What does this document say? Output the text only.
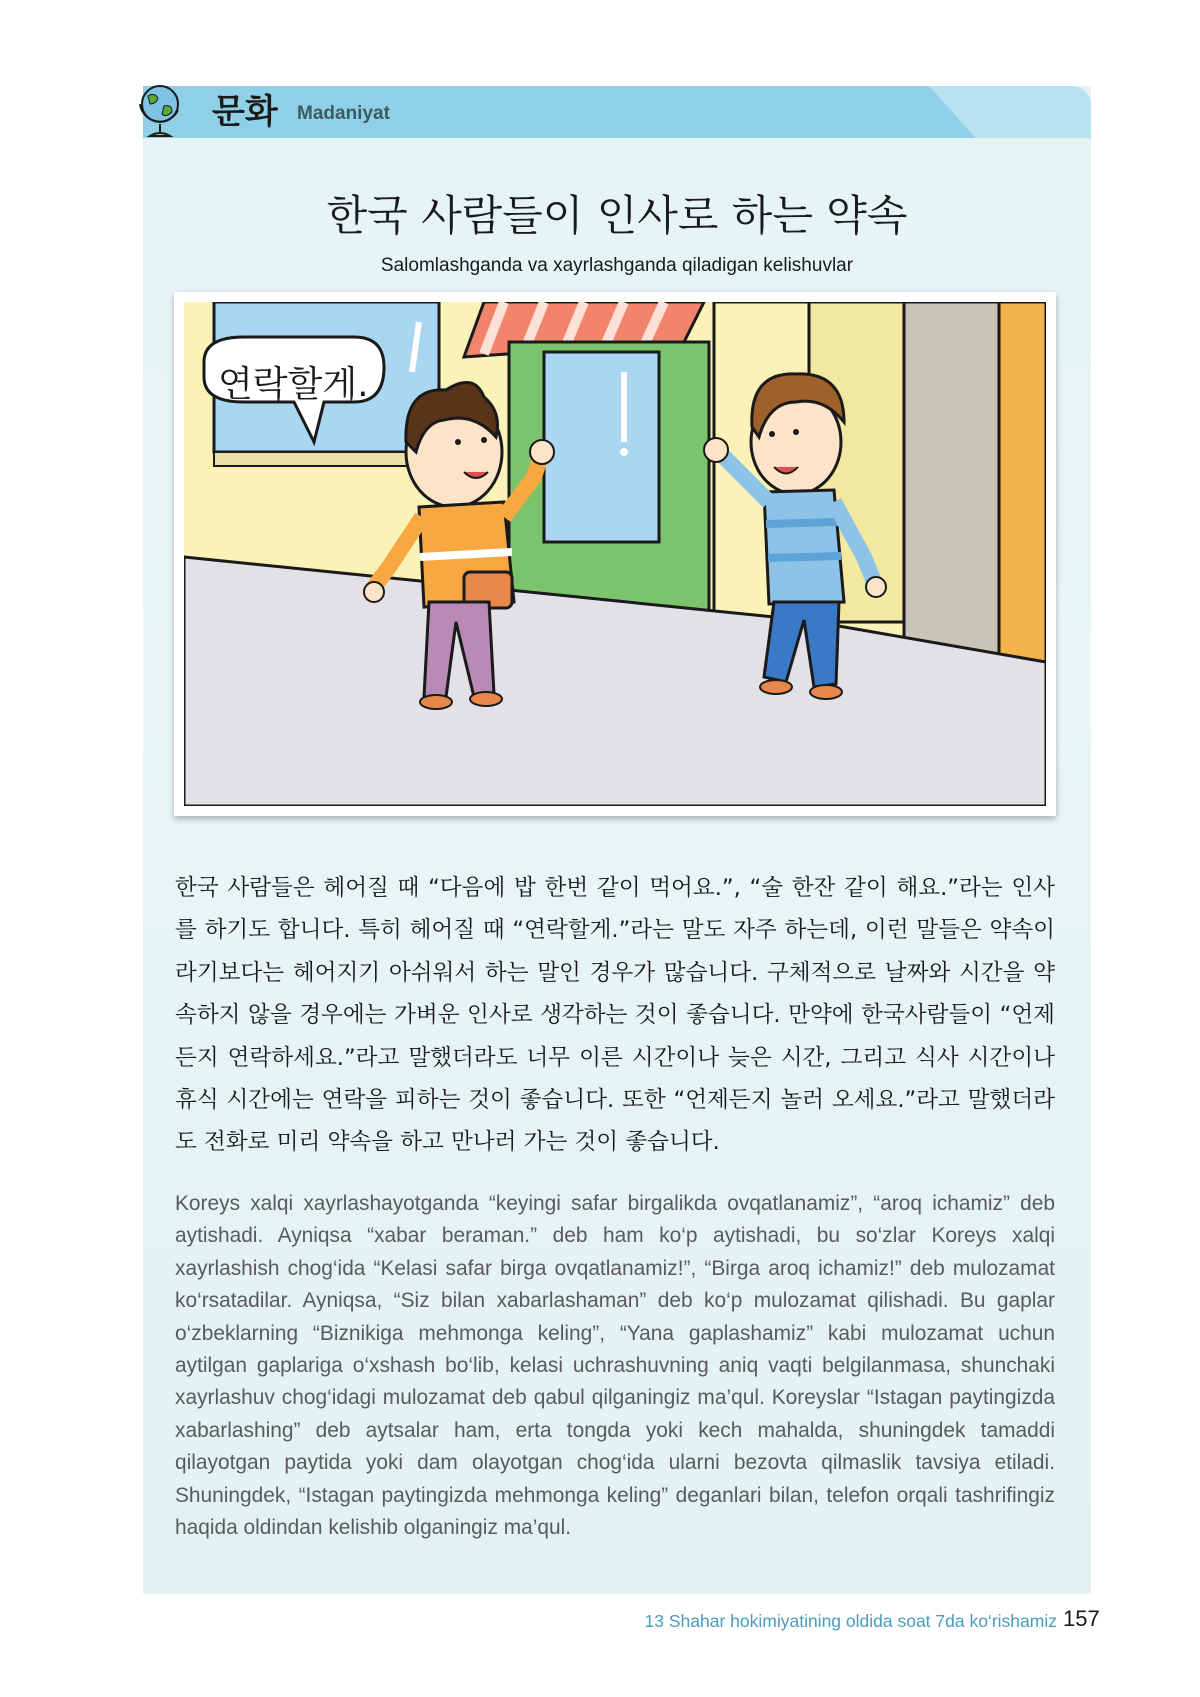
문화 Madaniyat
한국 사람들이 인사로 하는 약속
Salomlashganda va xayrlashganda qiladigan kelishuvlar
연락할게.

한국 사람들은 헤어질 때 “다음에 밥 한번 같이 먹어요.”, “술 한잔 같이 해요.”라는 인사를 하기도 합니다. 특히 헤어질 때 “연락할게.”라는 말도 자주 하는데, 이런 말들은 약속이라기보다는 헤어지기 아쉬워서 하는 말인 경우가 많습니다. 구체적으로 날짜와 시간을 약속하지 않을 경우에는 가벼운 인사로 생각하는 것이 좋습니다. 만약에 한국사람들이 “언제든지 연락하세요.”라고 말했더라도 너무 이른 시간이나 늦은 시간, 그리고 식사 시간이나 휴식 시간에는 연락을 피하는 것이 좋습니다. 또한 “언제든지 놀러 오세요.”라고 말했더라도 전화로 미리 약속을 하고 만나러 가는 것이 좋습니다.

Koreys xalqi xayrlashayotganda “keyingi safar birgalikda ovqatlanamiz”, “aroq ichamiz” deb aytishadi. Ayniqsa “xabar beraman.” deb ham ko‘p aytishadi, bu so‘zlar Koreys xalqi xayrlashish chog‘ida “Kelasi safar birga ovqatlanamiz!”, “Birga aroq ichamiz!” deb mulozamat ko‘rsatadilar. Ayniqsa, “Siz bilan xabarlashaman” deb ko‘p mulozamat qilishadi. Bu gaplar o‘zbeklarning “Biznikiga mehmonga keling”, “Yana gaplashamiz” kabi mulozamat uchun aytilgan gaplariga o‘xshash bo‘lib, kelasi uchrashuvning aniq vaqti belgilanmasa, shunchaki xayrlashuv chog‘idagi mulozamat deb qabul qilganingiz ma’qul. Koreyslar “Istagan paytingizda xabarlashing” deb aytsalar ham, erta tongda yoki kech mahalda, shuningdek tamaddi qilayotgan paytida yoki dam olayotgan chog‘ida ularni bezovta qilmaslik tavsiya etiladi. Shuningdek, “Istagan paytingizda mehmonga keling” deganlari bilan, telefon orqali tashrifingiz haqida oldindan kelishib olganingiz ma’qul.

13 Shahar hokimiyatining oldida soat 7da ko‘rishamiz 157
